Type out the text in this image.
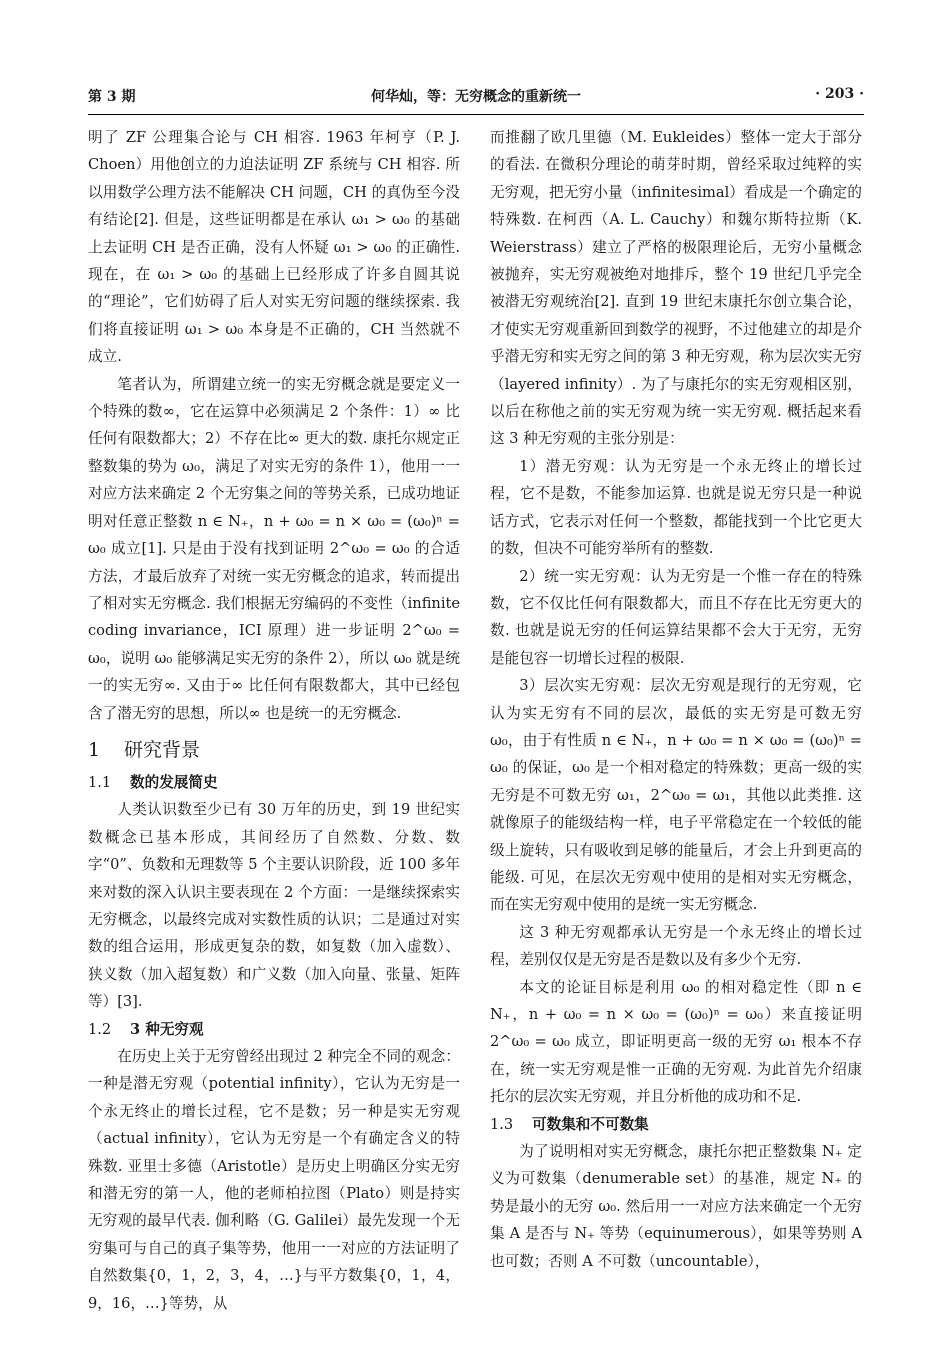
第 3 期	何华灿，等：无穷概念的重新统一	· 203 ·

明了 ZF 公理集合论与 CH 相容. 1963 年柯亨（P. J. Choen）用他创立的力迫法证明 ZF 系统与 CH 相容. 所以用数学公理方法不能解决 CH 问题，CH 的真伪至今没有结论[2]. 但是，这些证明都是在承认 ω₁ > ω₀ 的基础上去证明 CH 是否正确，没有人怀疑 ω₁ > ω₀ 的正确性. 现在，在 ω₁ > ω₀ 的基础上已经形成了许多自圆其说的“理论”，它们妨碍了后人对实无穷问题的继续探索. 我们将直接证明 ω₁ > ω₀ 本身是不正确的，CH 当然就不成立.

笔者认为，所谓建立统一的实无穷概念就是要定义一个特殊的数∞，它在运算中必须满足 2 个条件：1）∞ 比任何有限数都大；2）不存在比∞ 更大的数. 康托尔规定正整数集的势为 ω₀，满足了对实无穷的条件 1），他用一一对应方法来确定 2 个无穷集之间的等势关系，已成功地证明对任意正整数 n ∈ N₊，n + ω₀ = n × ω₀ = (ω₀)ⁿ = ω₀ 成立[1]. 只是由于没有找到证明 2^ω₀ = ω₀ 的合适方法，才最后放弃了对统一实无穷概念的追求，转而提出了相对实无穷概念. 我们根据无穷编码的不变性（infinite coding invariance，ICI 原理）进一步证明 2^ω₀ = ω₀，说明 ω₀ 能够满足实无穷的条件 2），所以 ω₀ 就是统一的实无穷∞. 又由于∞ 比任何有限数都大，其中已经包含了潜无穷的思想，所以∞ 也是统一的无穷概念.

1 研究背景
1.1 数的发展简史

人类认识数至少已有 30 万年的历史，到 19 世纪实数概念已基本形成，其间经历了自然数、分数、数字“0”、负数和无理数等 5 个主要认识阶段，近 100 多年来对数的深入认识主要表现在 2 个方面：一是继续探索实无穷概念，以最终完成对实数性质的认识；二是通过对实数的组合运用，形成更复杂的数，如复数（加入虚数）、狭义数（加入超复数）和广义数（加入向量、张量、矩阵等）[3].

1.2 3 种无穷观

在历史上关于无穷曾经出现过 2 种完全不同的观念：一种是潜无穷观（potential infinity），它认为无穷是一个永无终止的增长过程，它不是数；另一种是实无穷观（actual infinity），它认为无穷是一个有确定含义的特殊数. 亚里士多德（Aristotle）是历史上明确区分实无穷和潜无穷的第一人，他的老师柏拉图（Plato）则是持实无穷观的最早代表. 伽利略（G. Galilei）最先发现一个无穷集可与自己的真子集等势，他用一一对应的方法证明了自然数集{0，1，2，3，4，…}与平方数集{0，1，4，9，16，…}等势，从

而推翻了欧几里德（M. Eukleides）整体一定大于部分的看法. 在微积分理论的萌芽时期，曾经采取过纯粹的实无穷观，把无穷小量（infinitesimal）看成是一个确定的特殊数. 在柯西（A. L. Cauchy）和魏尔斯特拉斯（K. Weierstrass）建立了严格的极限理论后，无穷小量概念被抛弃，实无穷观被绝对地排斥，整个 19 世纪几乎完全被潜无穷观统治[2]. 直到 19 世纪末康托尔创立集合论，才使实无穷观重新回到数学的视野，不过他建立的却是介乎潜无穷和实无穷之间的第 3 种无穷观，称为层次实无穷（layered infinity）. 为了与康托尔的实无穷观相区别，以后在称他之前的实无穷观为统一实无穷观. 概括起来看这 3 种无穷观的主张分别是：

1）潜无穷观：认为无穷是一个永无终止的增长过程，它不是数，不能参加运算. 也就是说无穷只是一种说话方式，它表示对任何一个整数，都能找到一个比它更大的数，但决不可能穷举所有的整数.

2）统一实无穷观：认为无穷是一个惟一存在的特殊数，它不仅比任何有限数都大，而且不存在比无穷更大的数. 也就是说无穷的任何运算结果都不会大于无穷，无穷是能包容一切增长过程的极限.

3）层次实无穷观：层次无穷观是现行的无穷观，它认为实无穷有不同的层次，最低的实无穷是可数无穷 ω₀，由于有性质 n ∈ N₊，n + ω₀ = n × ω₀ = (ω₀)ⁿ = ω₀ 的保证，ω₀ 是一个相对稳定的特殊数；更高一级的实无穷是不可数无穷 ω₁，2^ω₀ = ω₁，其他以此类推. 这就像原子的能级结构一样，电子平常稳定在一个较低的能级上旋转，只有吸收到足够的能量后，才会上升到更高的能级. 可见，在层次无穷观中使用的是相对实无穷概念，而在实无穷观中使用的是统一实无穷概念.

这 3 种无穷观都承认无穷是一个永无终止的增长过程，差别仅仅是无穷是否是数以及有多少个无穷.

本文的论证目标是利用 ω₀ 的相对稳定性（即 n ∈ N₊，n + ω₀ = n × ω₀ = (ω₀)ⁿ = ω₀）来直接证明 2^ω₀ = ω₀ 成立，即证明更高一级的无穷 ω₁ 根本不存在，统一实无穷观是惟一正确的无穷观. 为此首先介绍康托尔的层次实无穷观，并且分析他的成功和不足.

1.3 可数集和不可数集

为了说明相对实无穷概念，康托尔把正整数集 N₊ 定义为可数集（denumerable set）的基准，规定 N₊ 的势是最小的无穷 ω₀. 然后用一一对应方法来确定一个无穷集 A 是否与 N₊ 等势（equinumerous），如果等势则 A 也可数；否则 A 不可数（uncountable），
